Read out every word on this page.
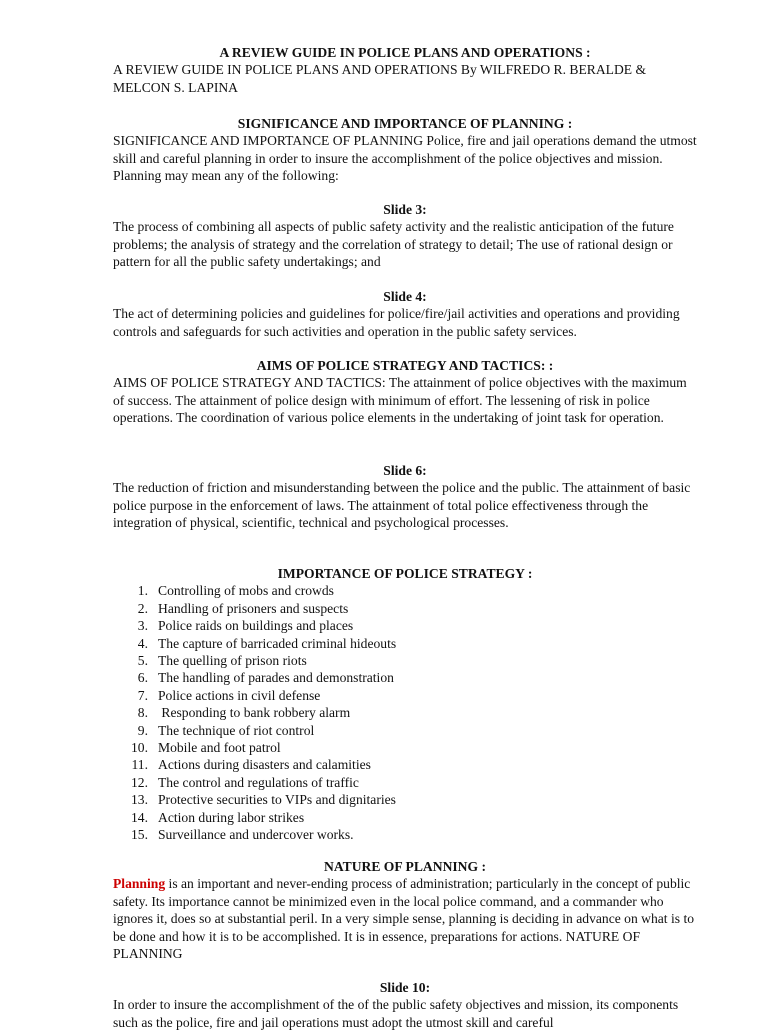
A REVIEW GUIDE IN POLICE PLANS AND OPERATIONS :

A REVIEW GUIDE IN POLICE PLANS AND OPERATIONS By WILFREDO R. BERALDE & MELCON S. LAPINA

SIGNIFICANCE AND IMPORTANCE OF PLANNING :

SIGNIFICANCE AND IMPORTANCE OF PLANNING Police, fire and jail operations demand the utmost skill and careful planning in order to insure the accomplishment of the police objectives and mission. Planning may mean any of the following:

Slide 3:

The process of combining all aspects of public safety activity and the realistic anticipation of the future problems; the analysis of strategy and the correlation of strategy to detail; The use of rational design or pattern for all the public safety undertakings; and

Slide 4:

The act of determining policies and guidelines for police/fire/jail activities and operations and providing controls and safeguards for such activities and operation in the public safety services.

AIMS OF POLICE STRATEGY AND TACTICS: :

AIMS OF POLICE STRATEGY AND TACTICS: The attainment of police objectives with the maximum of success. The attainment of police design with minimum of effort. The lessening of risk in police operations. The coordination of various police elements in the undertaking of joint task for operation.

Slide 6:

The reduction of friction and misunderstanding between the police and the public. The attainment of basic police purpose in the enforcement of laws. The attainment of total police effectiveness through the integration of physical, scientific, technical and psychological processes.

IMPORTANCE OF POLICE STRATEGY :

1. Controlling of mobs and crowds
2. Handling of prisoners and suspects
3. Police raids on buildings and places
4. The capture of barricaded criminal hideouts
5. The quelling of prison riots
6. The handling of parades and demonstration
7. Police actions in civil defense
8. Responding to bank robbery alarm
9. The technique of riot control
10. Mobile and foot patrol
11. Actions during disasters and calamities
12. The control and regulations of traffic
13. Protective securities to VIPs and dignitaries
14. Action during labor strikes
15. Surveillance and undercover works.

NATURE OF PLANNING :

Planning is an important and never-ending process of administration; particularly in the concept of public safety. Its importance cannot be minimized even in the local police command, and a commander who ignores it, does so at substantial peril. In a very simple sense, planning is deciding in advance on what is to be done and how it is to be accomplished. It is in essence, preparations for actions. NATURE OF PLANNING

Slide 10:

In order to insure the accomplishment of the of the public safety objectives and mission, its components such as the police, fire and jail operations must adopt the utmost skill and careful
